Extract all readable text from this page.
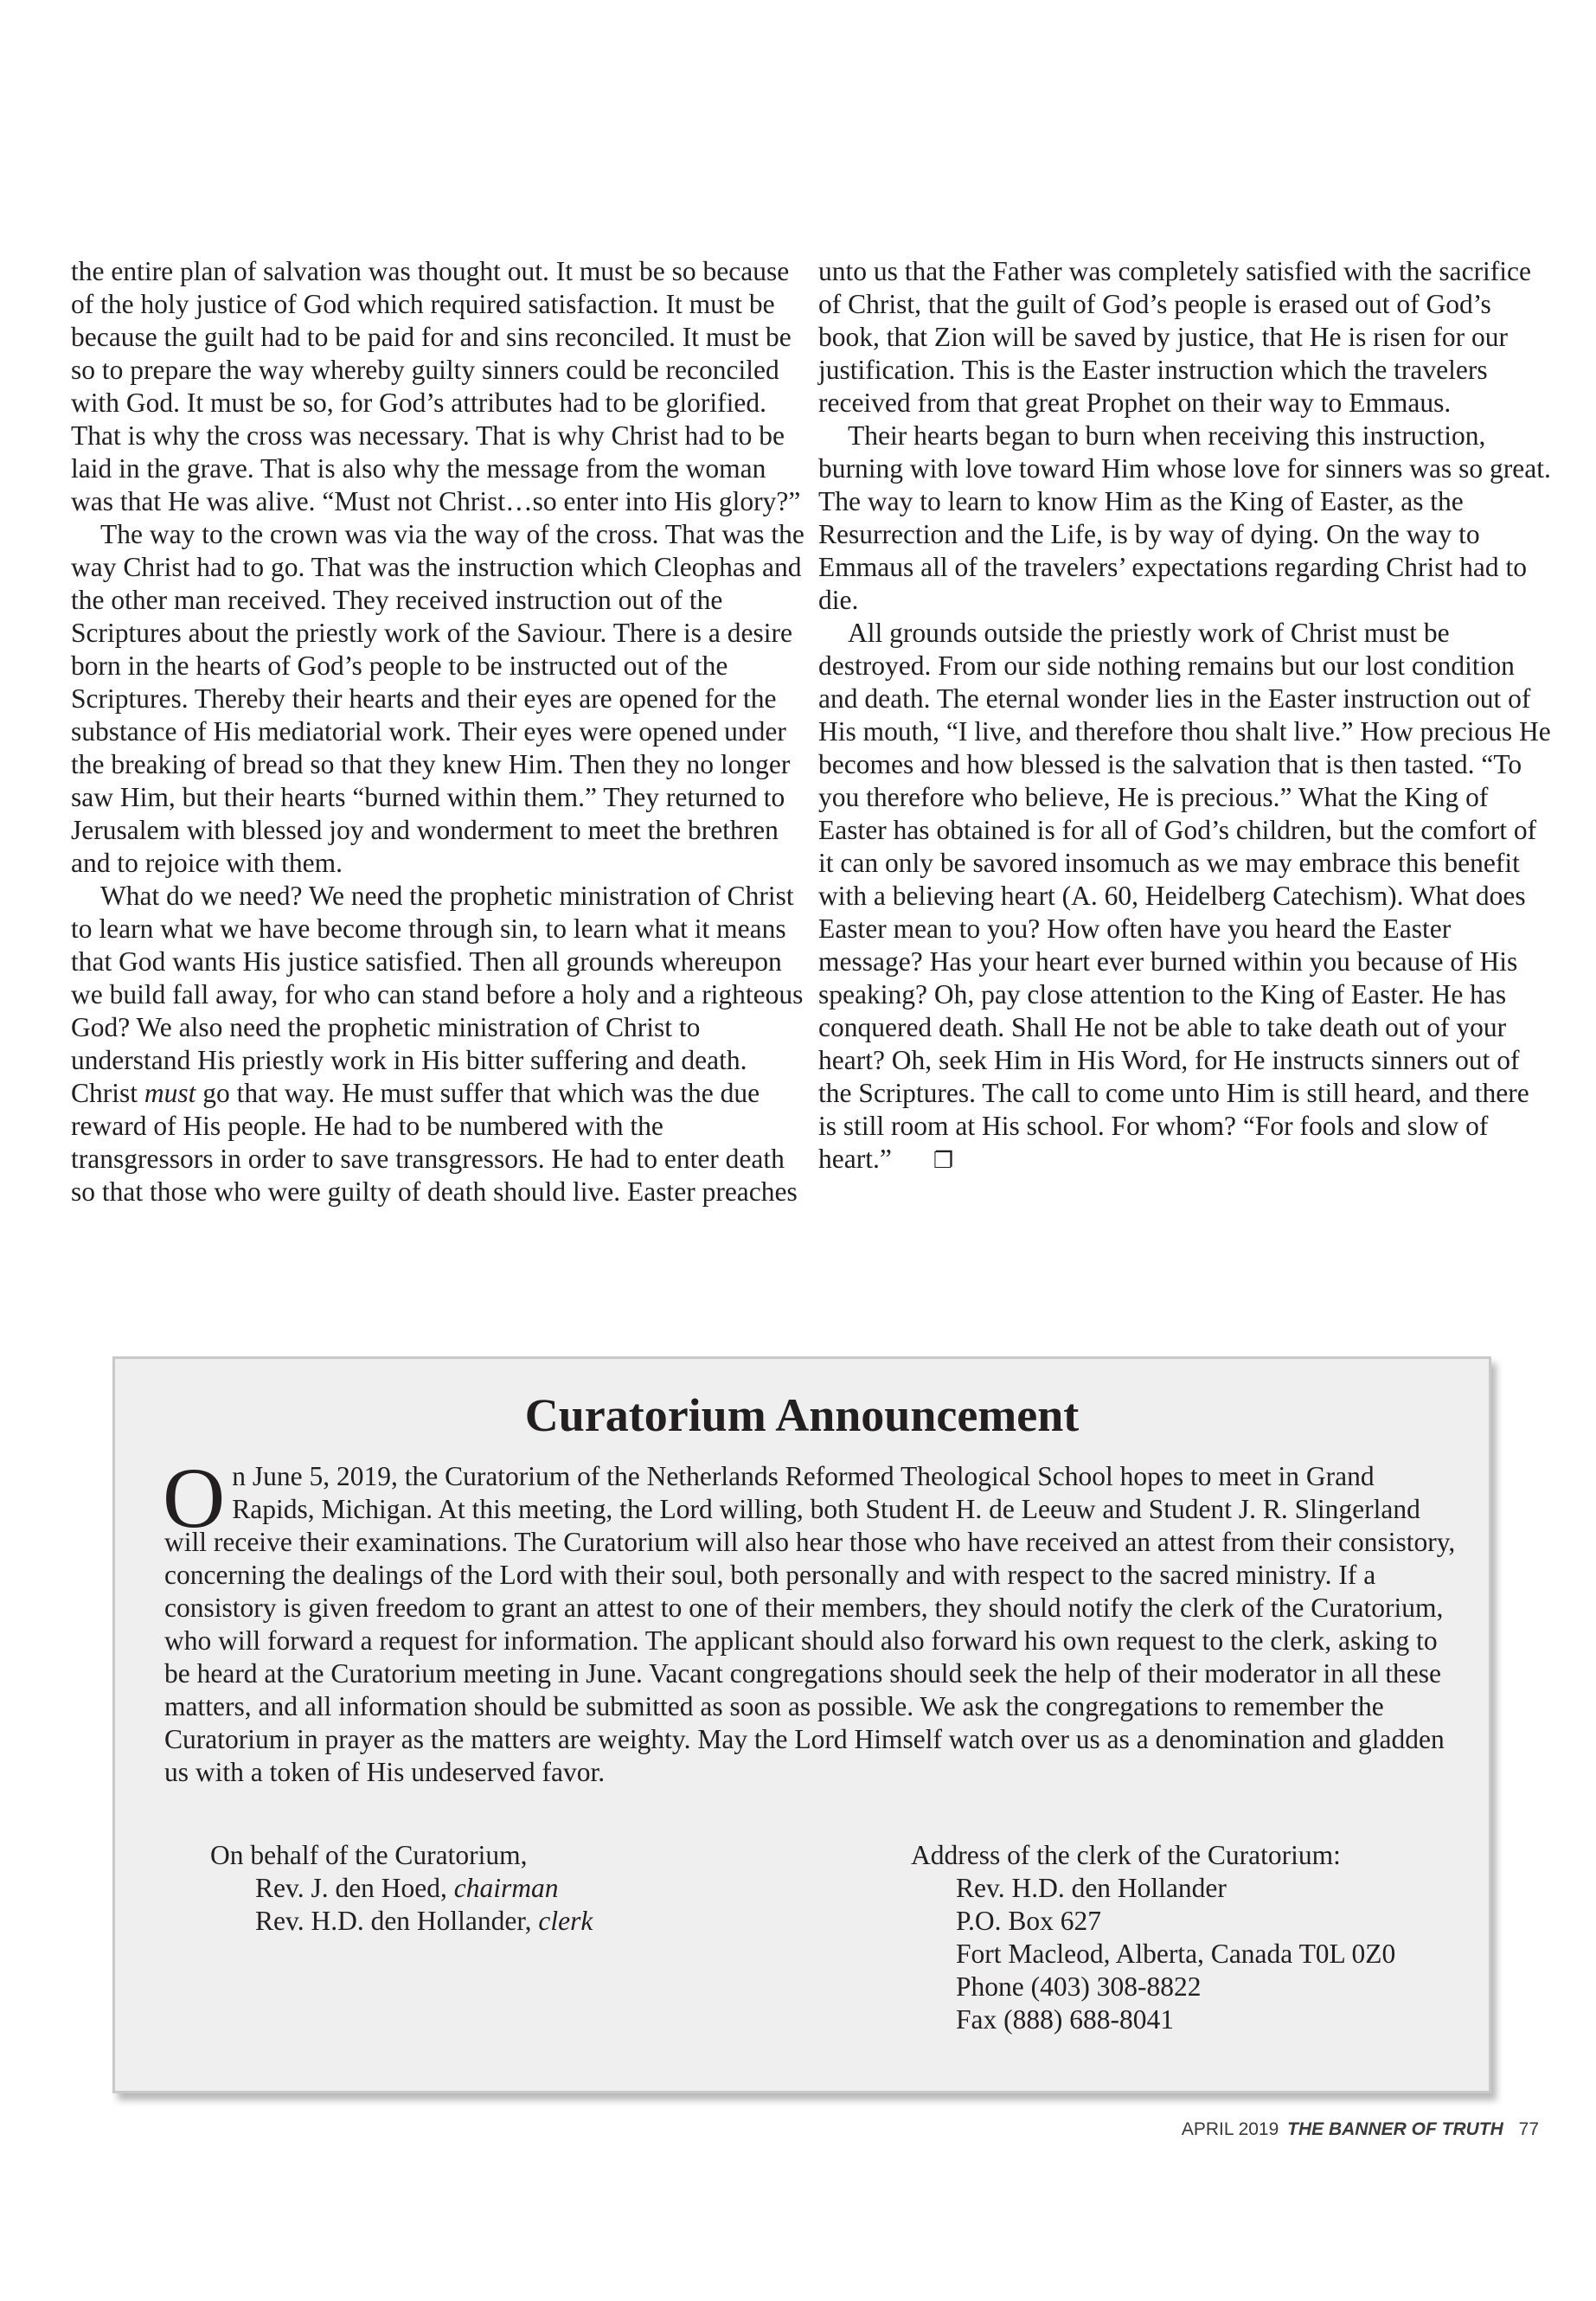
the entire plan of salvation was thought out. It must be so because of the holy justice of God which required satisfaction. It must be because the guilt had to be paid for and sins reconciled. It must be so to prepare the way whereby guilty sinners could be reconciled with God. It must be so, for God’s attributes had to be glorified. That is why the cross was necessary. That is why Christ had to be laid in the grave. That is also why the message from the woman was that He was alive. “Must not Christ…so enter into His glory?”

The way to the crown was via the way of the cross. That was the way Christ had to go. That was the instruction which Cleophas and the other man received. They received instruction out of the Scriptures about the priestly work of the Saviour. There is a desire born in the hearts of God’s people to be instructed out of the Scriptures. Thereby their hearts and their eyes are opened for the substance of His mediatorial work. Their eyes were opened under the breaking of bread so that they knew Him. Then they no longer saw Him, but their hearts “burned within them.” They returned to Jerusalem with blessed joy and wonderment to meet the brethren and to rejoice with them.

What do we need? We need the prophetic ministration of Christ to learn what we have become through sin, to learn what it means that God wants His justice satisfied. Then all grounds whereupon we build fall away, for who can stand before a holy and a righteous God? We also need the prophetic ministration of Christ to understand His priestly work in His bitter suffering and death. Christ must go that way. He must suffer that which was the due reward of His people. He had to be numbered with the transgressors in order to save transgressors. He had to enter death so that those who were guilty of death should live. Easter preaches

unto us that the Father was completely satisfied with the sacrifice of Christ, that the guilt of God’s people is erased out of God’s book, that Zion will be saved by justice, that He is risen for our justification. This is the Easter instruction which the travelers received from that great Prophet on their way to Emmaus.

Their hearts began to burn when receiving this instruction, burning with love toward Him whose love for sinners was so great. The way to learn to know Him as the King of Easter, as the Resurrection and the Life, is by way of dying. On the way to Emmaus all of the travelers’ expectations regarding Christ had to die.

All grounds outside the priestly work of Christ must be destroyed. From our side nothing remains but our lost condition and death. The eternal wonder lies in the Easter instruction out of His mouth, “I live, and therefore thou shalt live.” How precious He becomes and how blessed is the salvation that is then tasted. “To you therefore who believe, He is precious.” What the King of Easter has obtained is for all of God’s children, but the comfort of it can only be savored insomuch as we may embrace this benefit with a believing heart (A. 60, Heidelberg Catechism). What does Easter mean to you? How often have you heard the Easter message? Has your heart ever burned within you because of His speaking? Oh, pay close attention to the King of Easter. He has conquered death. Shall He not be able to take death out of your heart? Oh, seek Him in His Word, for He instructs sinners out of the Scriptures. The call to come unto Him is still heard, and there is still room at His school. For whom? “For fools and slow of heart.” ❐

Curatorium Announcement

On June 5, 2019, the Curatorium of the Netherlands Reformed Theological School hopes to meet in Grand Rapids, Michigan. At this meeting, the Lord willing, both Student H. de Leeuw and Student J. R. Slingerland will receive their examinations. The Curatorium will also hear those who have received an attest from their consistory, concerning the dealings of the Lord with their soul, both personally and with respect to the sacred ministry. If a consistory is given freedom to grant an attest to one of their members, they should notify the clerk of the Curatorium, who will forward a request for information. The applicant should also forward his own request to the clerk, asking to be heard at the Curatorium meeting in June. Vacant congregations should seek the help of their moderator in all these matters, and all information should be submitted as soon as possible. We ask the congregations to remember the Curatorium in prayer as the matters are weighty. May the Lord Himself watch over us as a denomination and gladden us with a token of His undeserved favor.

On behalf of the Curatorium,
Rev. J. den Hoed, chairman
Rev. H.D. den Hollander, clerk
Address of the clerk of the Curatorium:
Rev. H.D. den Hollander
P.O. Box 627
Fort Macleod, Alberta, Canada T0L 0Z0
Phone (403) 308-8822
Fax (888) 688-8041
APRIL 2019 THE BANNER OF TRUTH 77
